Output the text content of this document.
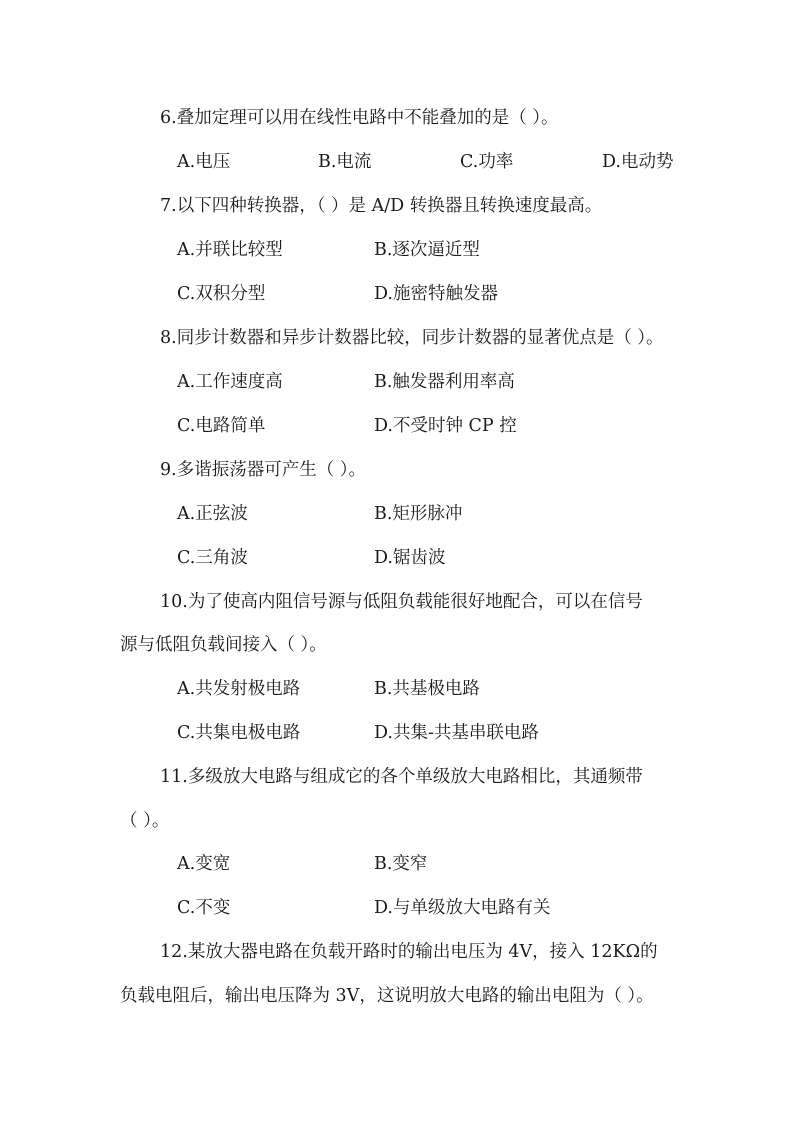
6.叠加定理可以用在线性电路中不能叠加的是（ ）。
A.电压	B.电流	C.功率	D.电动势
7.以下四种转换器，（ ）是 A/D 转换器且转换速度最高。
A.并联比较型	B.逐次逼近型
C.双积分型	D.施密特触发器
8.同步计数器和异步计数器比较，同步计数器的显著优点是（ ）。
A.工作速度高	B.触发器利用率高
C.电路简单	D.不受时钟 CP 控
9.多谐振荡器可产生（ ）。
A.正弦波	B.矩形脉冲
C.三角波	D.锯齿波
10.为了使高内阻信号源与低阻负载能很好地配合，可以在信号
源与低阻负载间接入（ ）。
A.共发射极电路	B.共基极电路
C.共集电极电路	D.共集-共基串联电路
11.多级放大电路与组成它的各个单级放大电路相比，其通频带
（ ）。
A.变宽	B.变窄
C.不变	D.与单级放大电路有关
12.某放大器电路在负载开路时的输出电压为 4V，接入 12KΩ的
负载电阻后，输出电压降为 3V，这说明放大电路的输出电阻为（ ）。
